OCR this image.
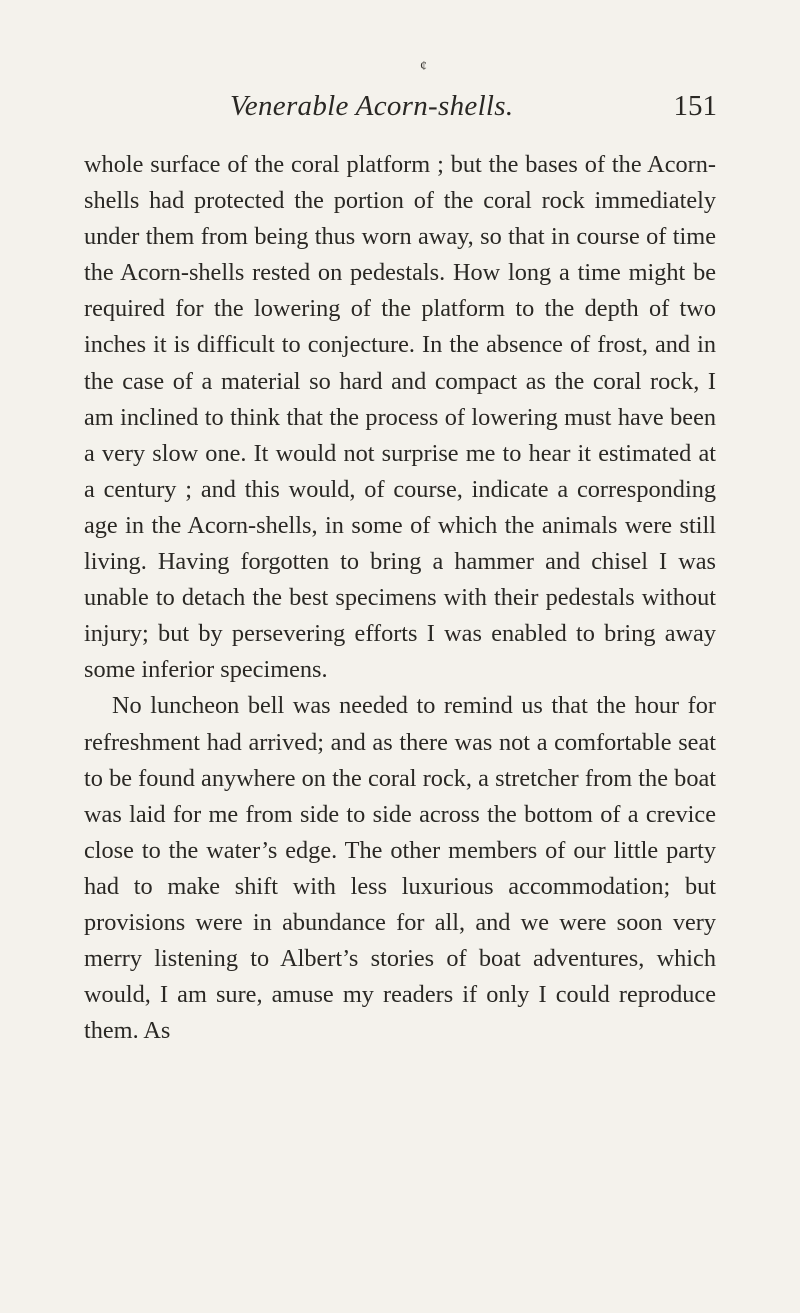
¢
Venerable Acorn-shells.	151

whole surface of the coral platform ; but the bases of the Acorn-shells had protected the portion of the coral rock immediately under them from being thus worn away, so that in course of time the Acorn-shells rested on pedestals. How long a time might be required for the lowering of the platform to the depth of two inches it is difficult to conjecture. In the absence of frost, and in the case of a material so hard and compact as the coral rock, I am inclined to think that the process of lowering must have been a very slow one. It would not surprise me to hear it estimated at a century ; and this would, of course, indicate a corresponding age in the Acorn-shells, in some of which the animals were still living. Having forgotten to bring a hammer and chisel I was unable to detach the best specimens with their pedestals without injury; but by persevering efforts I was enabled to bring away some inferior specimens.

No luncheon bell was needed to remind us that the hour for refreshment had arrived; and as there was not a comfortable seat to be found anywhere on the coral rock, a stretcher from the boat was laid for me from side to side across the bottom of a crevice close to the water’s edge. The other members of our little party had to make shift with less luxurious accommodation; but provisions were in abundance for all, and we were soon very merry listening to Albert’s stories of boat adventures, which would, I am sure, amuse my readers if only I could reproduce them. As
